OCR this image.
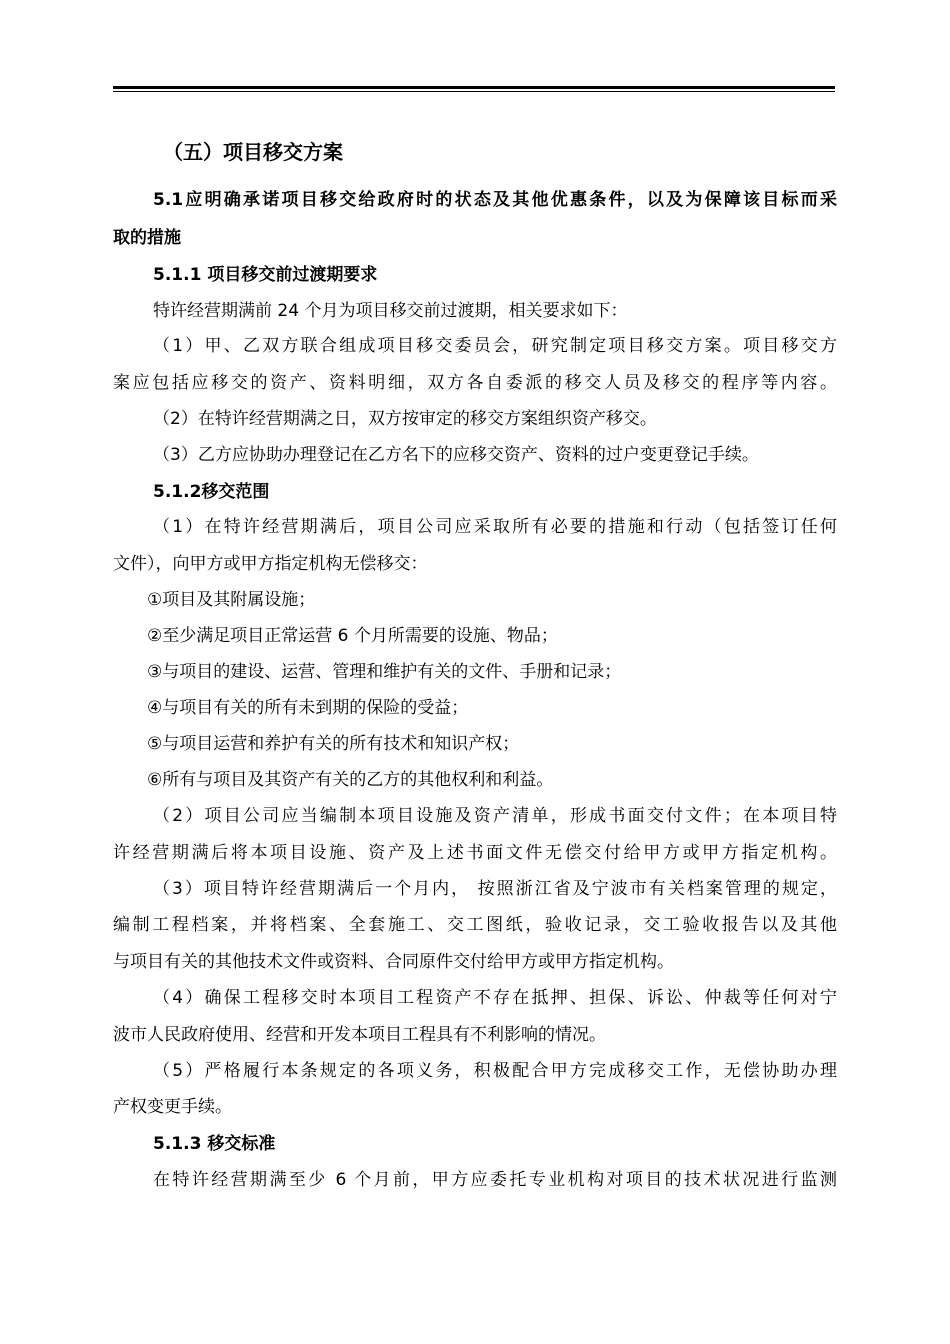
（五）项目移交方案
5.1应明确承诺项目移交给政府时的状态及其他优惠条件，以及为保障该目标而采
取的措施
5.1.1 项目移交前过渡期要求
特许经营期满前 24 个月为项目移交前过渡期，相关要求如下：
（1）甲、乙双方联合组成项目移交委员会，研究制定项目移交方案。项目移交方
案应包括应移交的资产、资料明细，双方各自委派的移交人员及移交的程序等内容。
（2）在特许经营期满之日，双方按审定的移交方案组织资产移交。
（3）乙方应协助办理登记在乙方名下的应移交资产、资料的过户变更登记手续。
5.1.2移交范围
（1）在特许经营期满后，项目公司应采取所有必要的措施和行动（包括签订任何
文件），向甲方或甲方指定机构无偿移交：
①项目及其附属设施；
②至少满足项目正常运营 6 个月所需要的设施、物品；
③与项目的建设、运营、管理和维护有关的文件、手册和记录；
④与项目有关的所有未到期的保险的受益；
⑤与项目运营和养护有关的所有技术和知识产权；
⑥所有与项目及其资产有关的乙方的其他权利和利益。
（2）项目公司应当编制本项目设施及资产清单，形成书面交付文件；在本项目特
许经营期满后将本项目设施、资产及上述书面文件无偿交付给甲方或甲方指定机构。
（3）项目特许经营期满后一个月内， 按照浙江省及宁波市有关档案管理的规定，
编制工程档案，并将档案、全套施工、交工图纸，验收记录，交工验收报告以及其他
与项目有关的其他技术文件或资料、合同原件交付给甲方或甲方指定机构。
（4）确保工程移交时本项目工程资产不存在抵押、担保、诉讼、仲裁等任何对宁
波市人民政府使用、经营和开发本项目工程具有不利影响的情况。
（5）严格履行本条规定的各项义务，积极配合甲方完成移交工作，无偿协助办理
产权变更手续。
5.1.3 移交标准
在特许经营期满至少 6 个月前，甲方应委托专业机构对项目的技术状况进行监测
